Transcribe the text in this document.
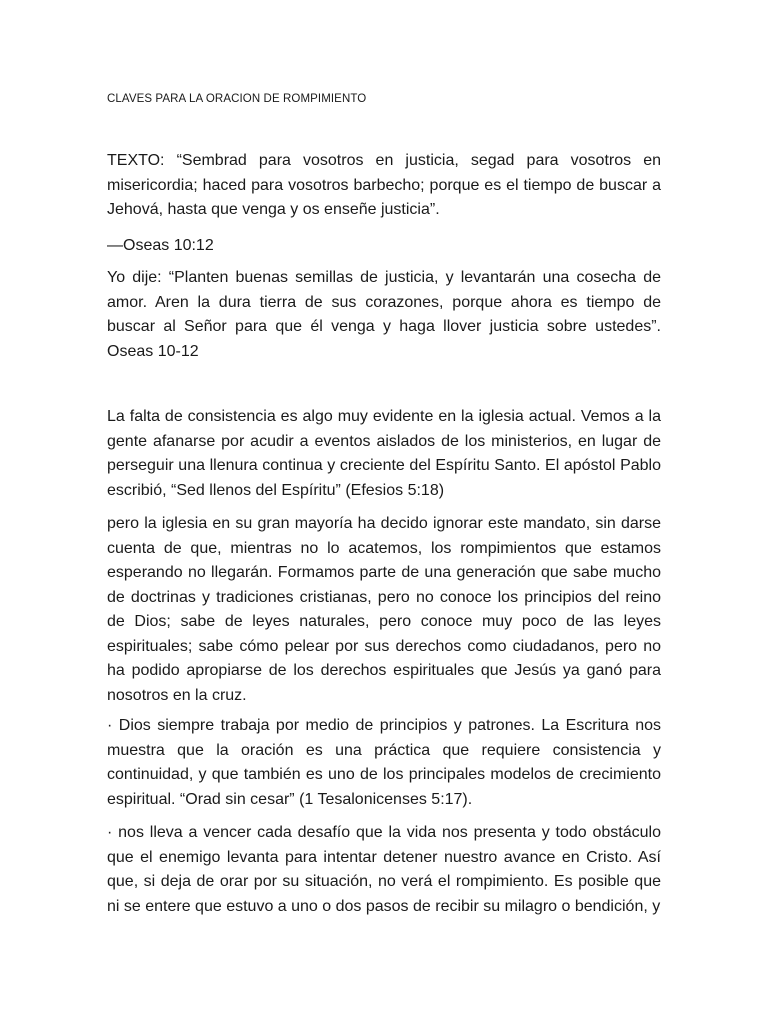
CLAVES PARA LA ORACION DE ROMPIMIENTO

TEXTO: “Sembrad para vosotros en justicia, segad para vosotros en misericordia; haced para vosotros barbecho; porque es el tiempo de buscar a Jehová, hasta que venga y os enseñe justicia”.

—Oseas 10:12

Yo dije: “Planten buenas semillas de justicia, y levantarán una cosecha de amor. Aren la dura tierra de sus corazones, porque ahora es tiempo de buscar al Señor para que él venga y haga llover justicia sobre ustedes”. Oseas 10-12

La falta de consistencia es algo muy evidente en la iglesia actual. Vemos a la gente afanarse por acudir a eventos aislados de los ministerios, en lugar de perseguir una llenura continua y creciente del Espíritu Santo. El apóstol Pablo escribió, “Sed llenos del Espíritu” (Efesios 5:18)

pero la iglesia en su gran mayoría ha decido ignorar este mandato, sin darse cuenta de que, mientras no lo acatemos, los rompimientos que estamos esperando no llegarán. Formamos parte de una generación que sabe mucho de doctrinas y tradiciones cristianas, pero no conoce los principios del reino de Dios; sabe de leyes naturales, pero conoce muy poco de las leyes espirituales; sabe cómo pelear por sus derechos como ciudadanos, pero no ha podido apropiarse de los derechos espirituales que Jesús ya ganó para nosotros en la cruz.

· Dios siempre trabaja por medio de principios y patrones. La Escritura nos muestra que la oración es una práctica que requiere consistencia y continuidad, y que también es uno de los principales modelos de crecimiento espiritual. “Orad sin cesar” (1 Tesalonicenses 5:17).

· nos lleva a vencer cada desafío que la vida nos presenta y todo obstáculo que el enemigo levanta para intentar detener nuestro avance en Cristo. Así que, si deja de orar por su situación, no verá el rompimiento. Es posible que ni se entere que estuvo a uno o dos pasos de recibir su milagro o bendición, y
